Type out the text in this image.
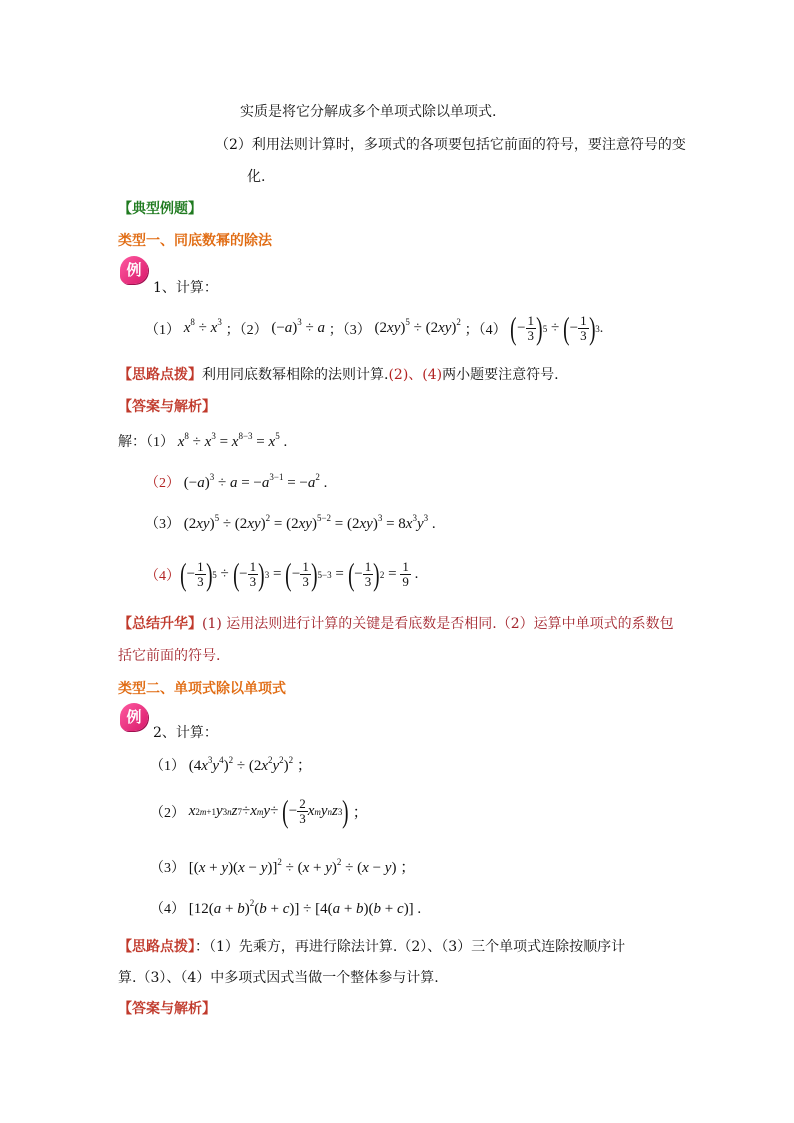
实质是将它分解成多个单项式除以单项式.
（2）利用法则计算时，多项式的各项要包括它前面的符号，要注意符号的变
化.
【典型例题】
类型一、同底数幂的除法
例
1、计算：
（1） $x^8 \div x^3$
；（2） $(-a)^3 \div a$ ；（3） $(2xy)^5 \div (2xy)^2$
；（4）
( − $\frac{1}{3}$ ) 5 ÷ ( − $\frac{1}{3}$ ) 3 .
【思路点拨】利用同底数幂相除的法则计算.(2)、(4)两小题要注意符号.
【答案与解析】
解：（1） $x^8 \div x^3 = x^{8-3} = x^5$ .
（2） $(-a)^3 \div a = -a^{3-1} = -a^2$ .
（3） $(2xy)^5 \div (2xy)^2 = (2xy)^{5-2} = (2xy)^3 = 8x^3y^3$ .
（4） ( − $\frac{1}{3}$ ) 5 ÷ ( − $\frac{1}{3}$ ) 3 = ( − $\frac{1}{3}$ ) 5−3 = ( − $\frac{1}{3}$ ) $2 = \frac{1}{9}$ .
【总结升华】(1) 运用法则进行计算的关键是看底数是否相同.（2）运算中单项式的系数包
括它前面的符号.
类型二、单项式除以单项式
例
2、计算：
（1） $(4x^3y^4)^2 \div (2x^2y^2)^2$ ；
（2）
x 2m+1 y 3n z 7 ÷ x m y ÷ ( − $\frac{2}{3}$ x m y n z 3 ) ；
（3） $[(x + y)(x - y)]^2 \div (x + y)^2 \div (x - y)$ ；
（4） $[12(a + b)^2(b + c)] \div [4(a + b)(b + c)]$ .
【思路点拨】：（1）先乘方，再进行除法计算.（2）、（3）三个单项式连除按顺序计
算.（3）、（4）中多项式因式当做一个整体参与计算.
【答案与解析】
